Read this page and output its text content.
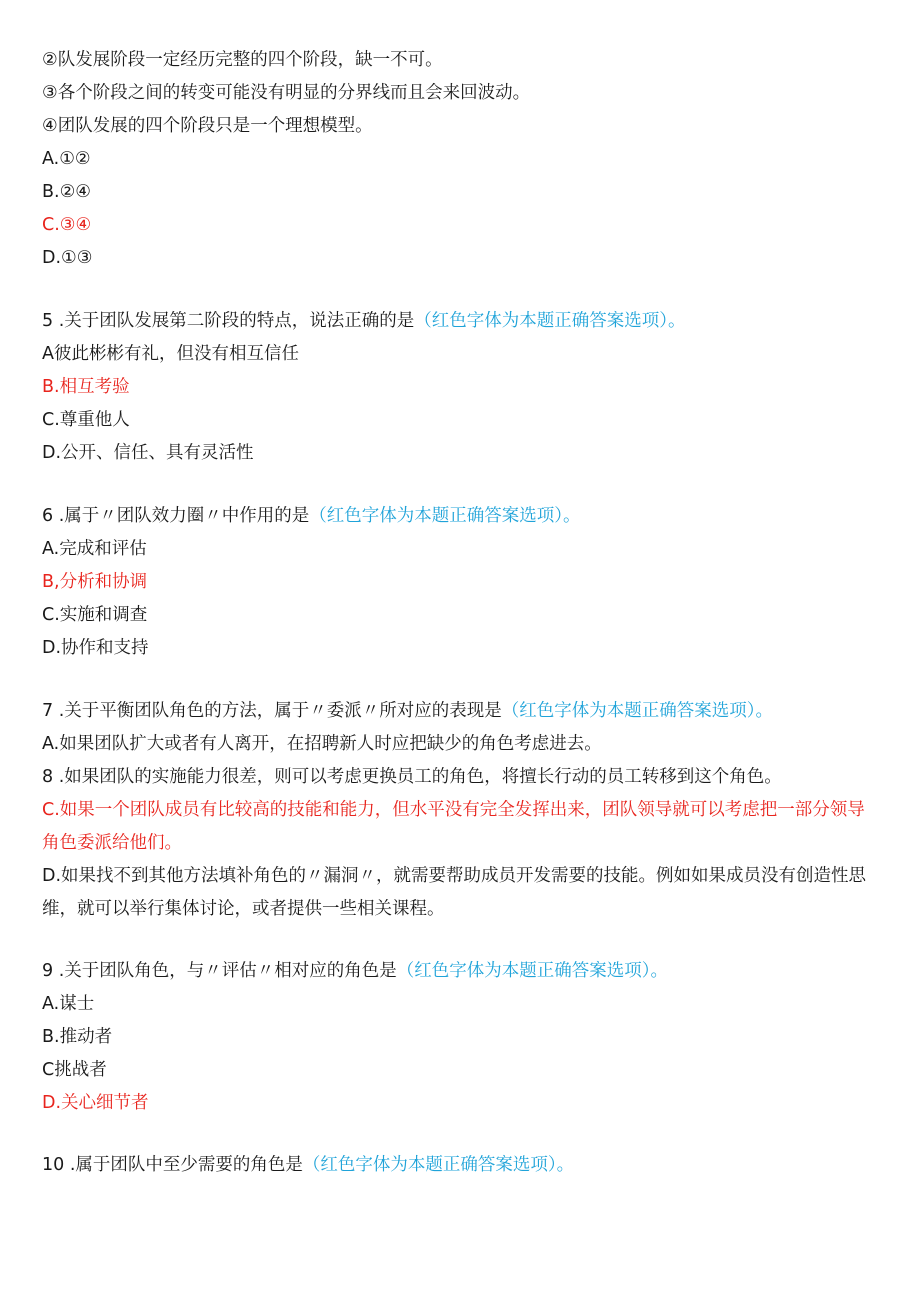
②队发展阶段一定经历完整的四个阶段，缺一不可。
③各个阶段之间的转变可能没有明显的分界线而且会来回波动。
④团队发展的四个阶段只是一个理想模型。
A.①②
B.②④
C.③④
D.①③
5 .关于团队发展第二阶段的特点，说法正确的是（红色字体为本题正确答案选项）。
A彼此彬彬有礼，但没有相互信任
B.相互考验
C.尊重他人
D.公开、信任、具有灵活性
6 .属于〃团队效力圈〃中作用的是（红色字体为本题正确答案选项）。
A.完成和评估
B,分析和协调
C.实施和调查
D.协作和支持
7 .关于平衡团队角色的方法，属于〃委派〃所对应的表现是（红色字体为本题正确答案选项）。
A.如果团队扩大或者有人离开，在招聘新人时应把缺少的角色考虑进去。
8 .如果团队的实施能力很差，则可以考虑更换员工的角色，将擅长行动的员工转移到这个角色。
C.如果一个团队成员有比较高的技能和能力，但水平没有完全发挥出来，团队领导就可以考虑把一部分领导角色委派给他们。
D.如果找不到其他方法填补角色的〃漏洞〃，就需要帮助成员开发需要的技能。例如如果成员没有创造性思维，就可以举行集体讨论，或者提供一些相关课程。
9 .关于团队角色，与〃评估〃相对应的角色是（红色字体为本题正确答案选项）。
A.谋士
B.推动者
C挑战者
D.关心细节者
10 .属于团队中至少需要的角色是（红色字体为本题正确答案选项）。
